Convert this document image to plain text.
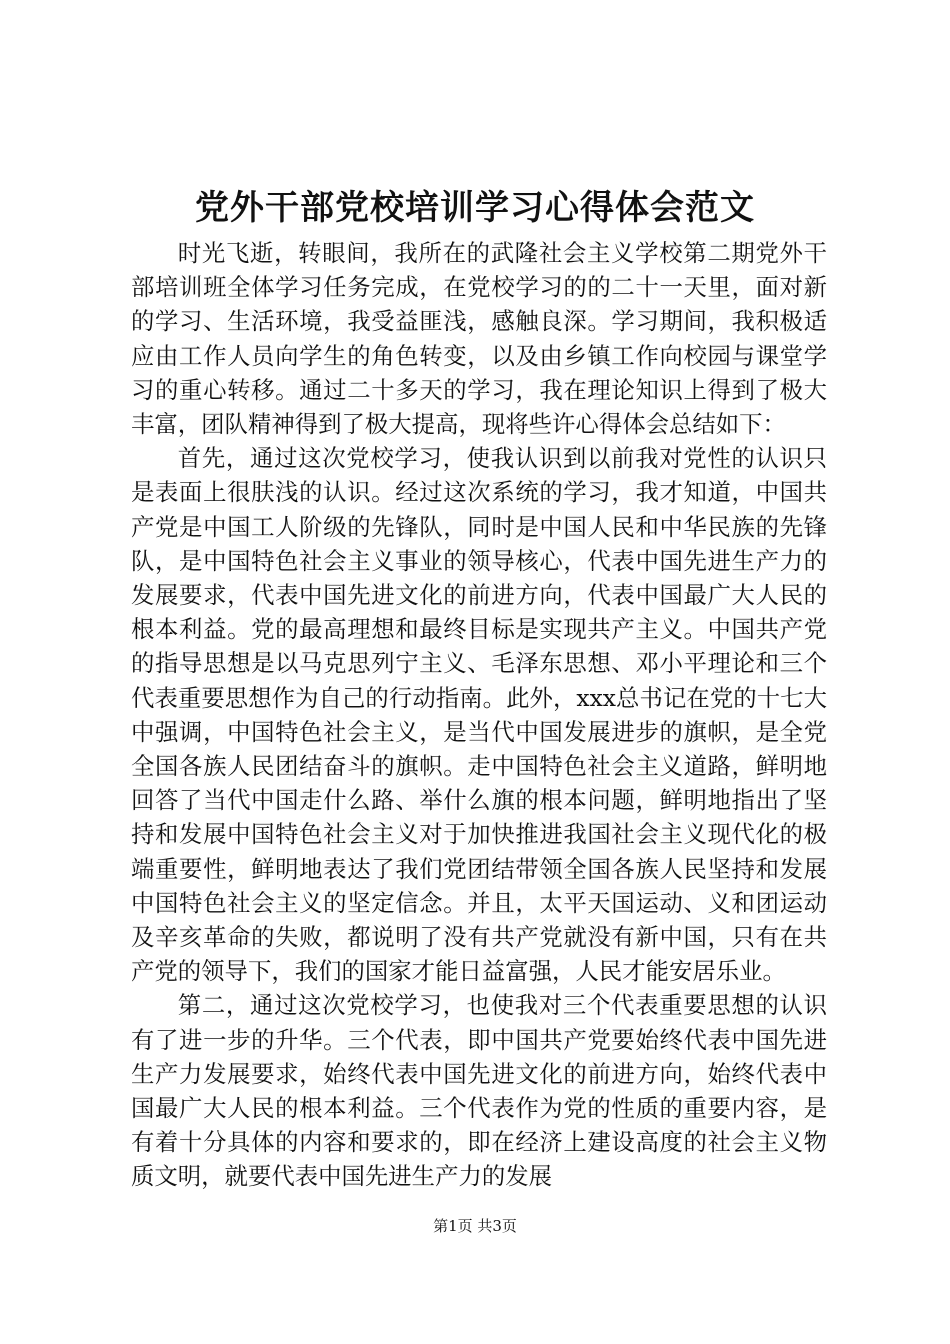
党外干部党校培训学习心得体会范文

时光飞逝，转眼间，我所在的武隆社会主义学校第二期党外干部培训班全体学习任务完成，在党校学习的的二十一天里，面对新的学习、生活环境，我受益匪浅，感触良深。学习期间，我积极适应由工作人员向学生的角色转变，以及由乡镇工作向校园与课堂学习的重心转移。通过二十多天的学习，我在理论知识上得到了极大丰富，团队精神得到了极大提高，现将些许心得体会总结如下：

首先，通过这次党校学习，使我认识到以前我对党性的认识只是表面上很肤浅的认识。经过这次系统的学习，我才知道，中国共产党是中国工人阶级的先锋队，同时是中国人民和中华民族的先锋队，是中国特色社会主义事业的领导核心，代表中国先进生产力的发展要求，代表中国先进文化的前进方向，代表中国最广大人民的根本利益。党的最高理想和最终目标是实现共产主义。中国共产党的指导思想是以马克思列宁主义、毛泽东思想、邓小平理论和三个代表重要思想作为自己的行动指南。此外，xxx总书记在党的十七大中强调，中国特色社会主义，是当代中国发展进步的旗帜，是全党全国各族人民团结奋斗的旗帜。走中国特色社会主义道路，鲜明地回答了当代中国走什么路、举什么旗的根本问题，鲜明地指出了坚持和发展中国特色社会主义对于加快推进我国社会主义现代化的极端重要性，鲜明地表达了我们党团结带领全国各族人民坚持和发展中国特色社会主义的坚定信念。并且，太平天国运动、义和团运动及辛亥革命的失败，都说明了没有共产党就没有新中国，只有在共产党的领导下，我们的国家才能日益富强，人民才能安居乐业。

第二，通过这次党校学习，也使我对三个代表重要思想的认识有了进一步的升华。三个代表，即中国共产党要始终代表中国先进生产力发展要求，始终代表中国先进文化的前进方向，始终代表中国最广大人民的根本利益。三个代表作为党的性质的重要内容，是有着十分具体的内容和要求的，即在经济上建设高度的社会主义物质文明，就要代表中国先进生产力的发展

第1页 共3页
